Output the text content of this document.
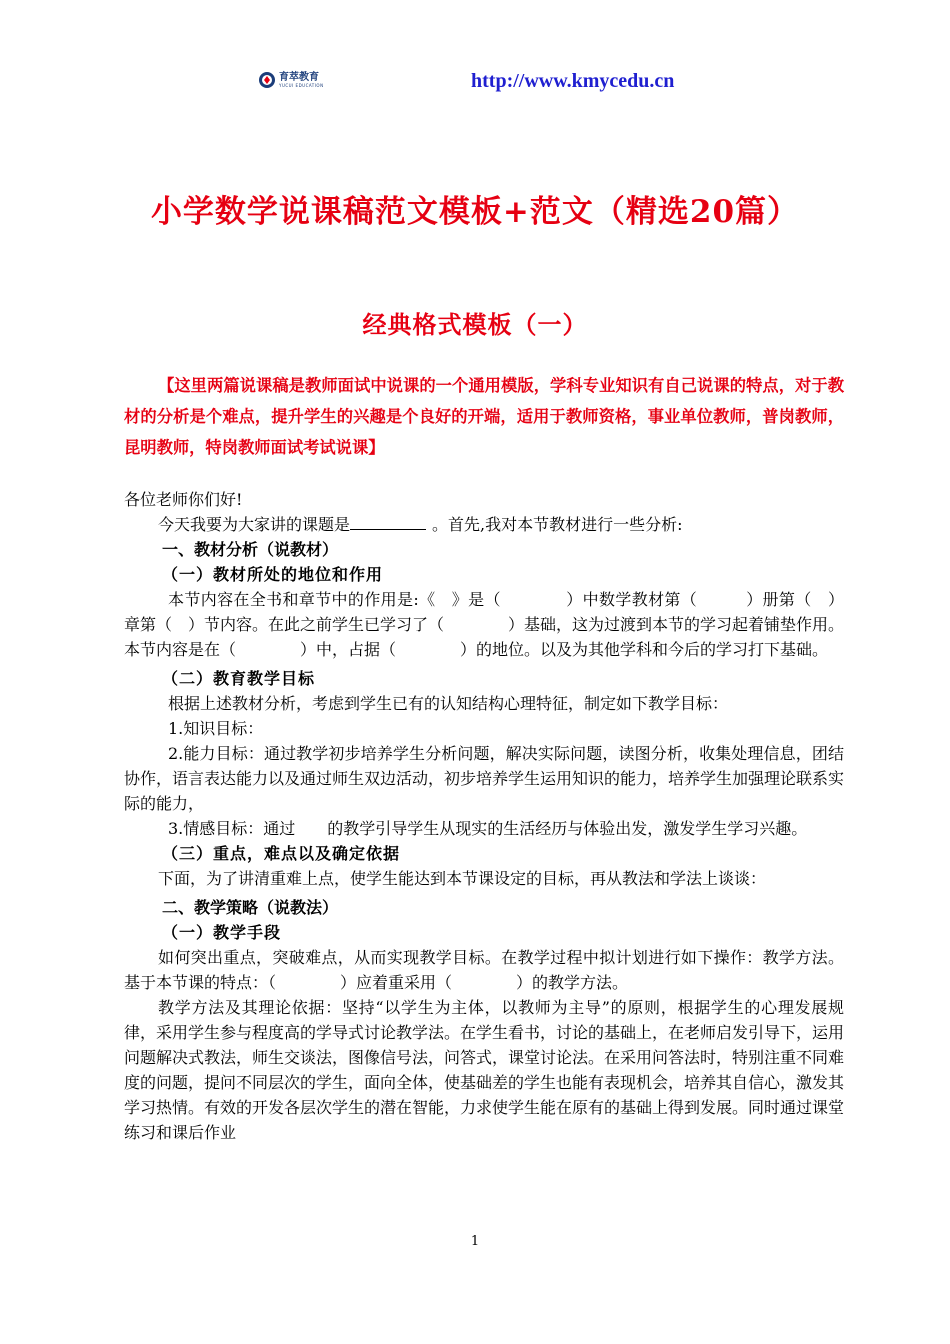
育萃教育
YUCUI EDUCATION	http://www.kmycedu.cn
小学数学说课稿范文模板+范文（精选20篇）
经典格式模板（一）
【这里两篇说课稿是教师面试中说课的一个通用模版，学科专业知识有自己说课的特点，对于教材的分析是个难点，提升学生的兴趣是个良好的开端，适用于教师资格，事业单位教师，普岗教师，昆明教师，特岗教师面试考试说课】

各位老师你们好!

今天我要为大家讲的课题是	。首先,我对本节教材进行一些分析:

一、教材分析（说教材）

（一）教材所处的地位和作用

本节内容在全书和章节中的作用是:《　》是（　　　　）中数学教材第（　　　）册第（　）章第（　）节内容。在此之前学生已学习了（　　　　）基础，这为过渡到本节的学习起着铺垫作用。本节内容是在（　　　　）中，占据（　　　　）的地位。以及为其他学科和今后的学习打下基础。

（二）教育教学目标

根据上述教材分析，考虑到学生已有的认知结构心理特征，制定如下教学目标：

1.知识目标：

2.能力目标：通过教学初步培养学生分析问题，解决实际问题，读图分析，收集处理信息，团结协作，语言表达能力以及通过师生双边活动，初步培养学生运用知识的能力，培养学生加强理论联系实际的能力，

3.情感目标：通过　　的教学引导学生从现实的生活经历与体验出发，激发学生学习兴趣。

（三）重点，难点以及确定依据

下面，为了讲清重难上点，使学生能达到本节课设定的目标，再从教法和学法上谈谈：

二、教学策略（说教法）

（一）教学手段

如何突出重点，突破难点，从而实现教学目标。在教学过程中拟计划进行如下操作：教学方法。基于本节课的特点：（　　　　）应着重采用（　　　　）的教学方法。

教学方法及其理论依据：坚持“以学生为主体，以教师为主导”的原则，根据学生的心理发展规律，采用学生参与程度高的学导式讨论教学法。在学生看书，讨论的基础上，在老师启发引导下，运用问题解决式教法，师生交谈法，图像信号法，问答式，课堂讨论法。在采用问答法时，特别注重不同难度的问题，提问不同层次的学生，面向全体，使基础差的学生也能有表现机会，培养其自信心，激发其学习热情。有效的开发各层次学生的潜在智能，力求使学生能在原有的基础上得到发展。同时通过课堂练习和课后作业

1
